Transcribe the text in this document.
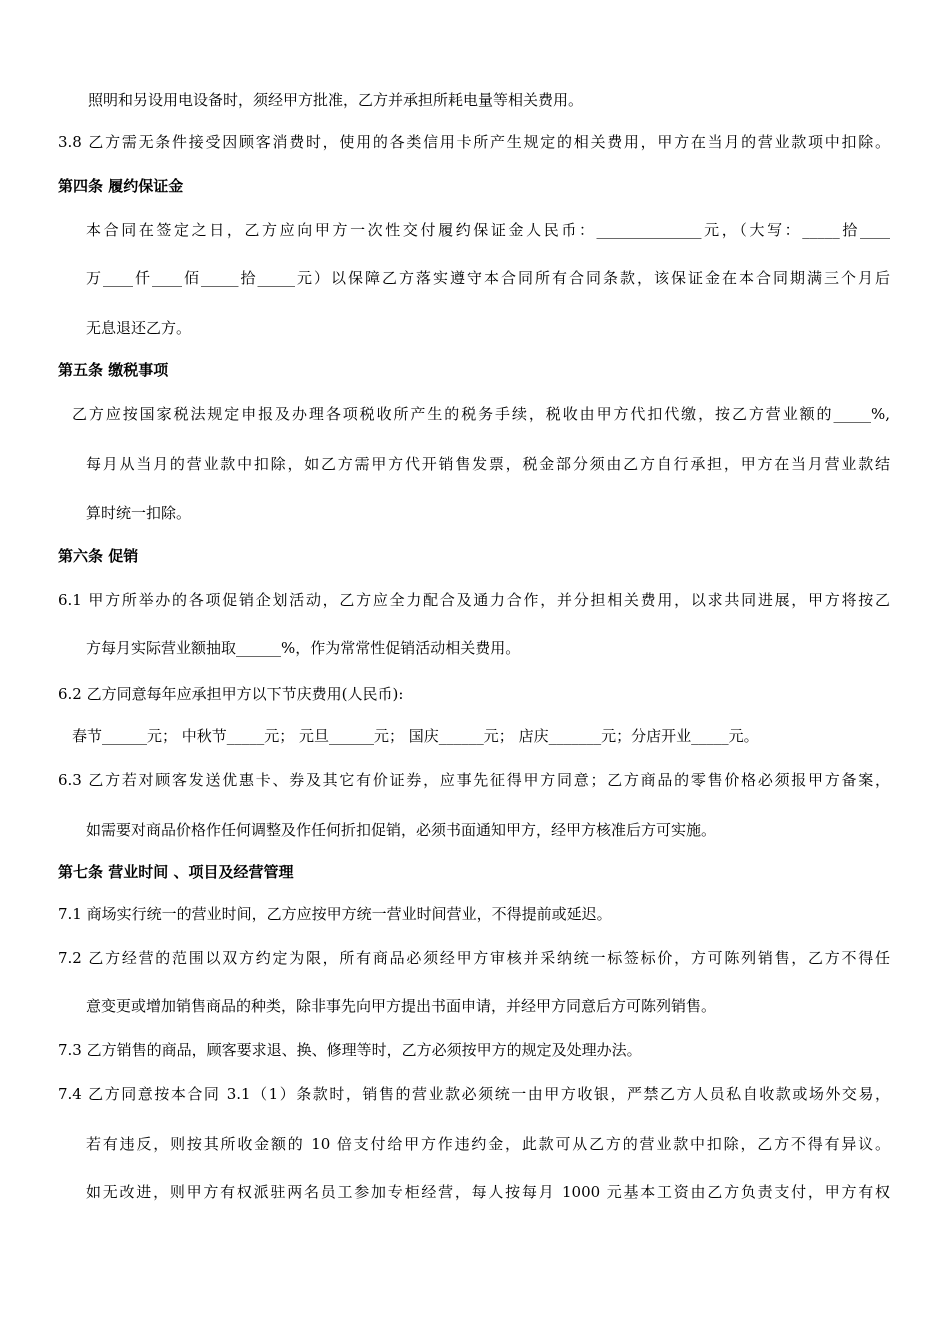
照明和另设用电设备时，须经甲方批准，乙方并承担所耗电量等相关费用。
3.8 乙方需无条件接受因顾客消费时，使用的各类信用卡所产生规定的相关费用，甲方在当月的营业款项中扣除。
第四条 履约保证金
本合同在签定之日，乙方应向甲方一次性交付履约保证金人民币：______________元，（大写：_____拾____
万____仟____佰_____拾_____元）以保障乙方落实遵守本合同所有合同条款，该保证金在本合同期满三个月后
无息退还乙方。
第五条 缴税事项
乙方应按国家税法规定申报及办理各项税收所产生的税务手续，税收由甲方代扣代缴，按乙方营业额的_____%,
每月从当月的营业款中扣除，如乙方需甲方代开销售发票，税金部分须由乙方自行承担，甲方在当月营业款结
算时统一扣除。
第六条 促销
6.1 甲方所举办的各项促销企划活动，乙方应全力配合及通力合作，并分担相关费用，以求共同进展，甲方将按乙
方每月实际营业额抽取______%，作为常常性促销活动相关费用。
6.2 乙方同意每年应承担甲方以下节庆费用(人民币):
春节______元； 中秋节_____元； 元旦______元； 国庆______元； 店庆_______元；分店开业_____元。
6.3 乙方若对顾客发送优惠卡、券及其它有价证券，应事先征得甲方同意；乙方商品的零售价格必须报甲方备案，
如需要对商品价格作任何调整及作任何折扣促销，必须书面通知甲方，经甲方核准后方可实施。
第七条 营业时间 、项目及经营管理
7.1 商场实行统一的营业时间，乙方应按甲方统一营业时间营业，不得提前或延迟。
7.2 乙方经营的范围以双方约定为限，所有商品必须经甲方审核并采纳统一标签标价，方可陈列销售，乙方不得任
意变更或增加销售商品的种类，除非事先向甲方提出书面申请，并经甲方同意后方可陈列销售。
7.3 乙方销售的商品，顾客要求退、换、修理等时，乙方必须按甲方的规定及处理办法。
7.4 乙方同意按本合同 3.1（1）条款时，销售的营业款必须统一由甲方收银，严禁乙方人员私自收款或场外交易，
若有违反，则按其所收金额的 10 倍支付给甲方作违约金，此款可从乙方的营业款中扣除，乙方不得有异议。
如无改进，则甲方有权派驻两名员工参加专柜经营，每人按每月 1000 元基本工资由乙方负责支付，甲方有权
